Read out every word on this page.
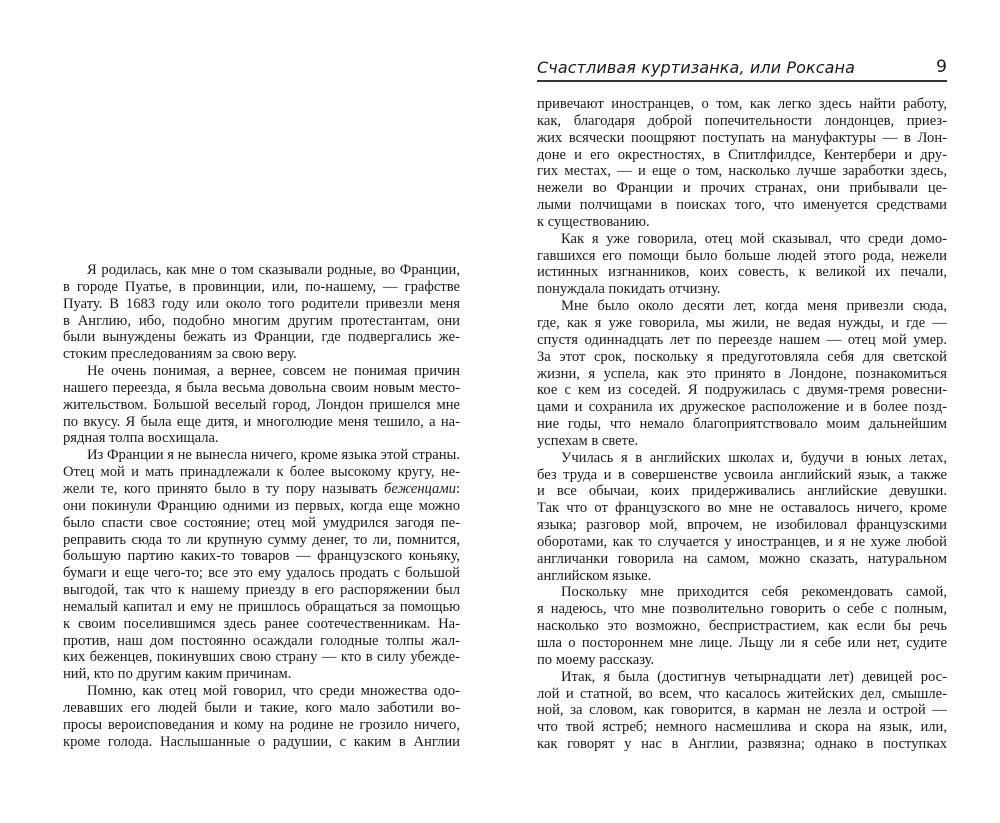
Счастливая куртизанка, или Роксана	9
Я родилась, как мне о том сказывали родные, во Франции,
в городе Пуатье, в провинции, или, по-нашему, — графстве
Пуату. В 1683 году или около того родители привезли меня
в Англию, ибо, подобно многим другим протестантам, они
были вынуждены бежать из Франции, где подвергались же-
стоким преследованиям за свою веру.
Не очень понимая, а вернее, совсем не понимая причин
нашего переезда, я была весьма довольна своим новым место-
жительством. Большой веселый город, Лондон пришелся мне
по вкусу. Я была еще дитя, и многолюдие меня тешило, а на-
рядная толпа восхищала.
Из Франции я не вынесла ничего, кроме языка этой страны.
Отец мой и мать принадлежали к более высокому кругу, не-
жели те, кого принято было в ту пору называть беженцами:
они покинули Францию одними из первых, когда еще можно
было спасти свое состояние; отец мой умудрился загодя пе-
реправить сюда то ли крупную сумму денег, то ли, помнится,
большую партию каких-то товаров — французского коньяку,
бумаги и еще чего-то; все это ему удалось продать с большой
выгодой, так что к нашему приезду в его распоряжении был
немалый капитал и ему не пришлось обращаться за помощью
к своим поселившимся здесь ранее соотечественникам. На-
против, наш дом постоянно осаждали голодные толпы жал-
ких беженцев, покинувших свою страну — кто в силу убежде-
ний, кто по другим каким причинам.
Помню, как отец мой говорил, что среди множества одо-
левавших его людей были и такие, кого мало заботили во-
просы вероисповедания и кому на родине не грозило ничего,
кроме голода. Наслышанные о радушии, с каким в Англии
привечают иностранцев, о том, как легко здесь найти работу,
как, благодаря доброй попечительности лондонцев, приез-
жих всячески поощряют поступать на мануфактуры — в Лон-
доне и его окрестностях, в Спитлфилдсе, Кентербери и дру-
гих местах, — и еще о том, насколько лучше заработки здесь,
нежели во Франции и прочих странах, они прибывали це-
лыми полчищами в поисках того, что именуется средствами
к существованию.
Как я уже говорила, отец мой сказывал, что среди домо-
гавшихся его помощи было больше людей этого рода, нежели
истинных изгнанников, коих совесть, к великой их печали,
понуждала покидать отчизну.
Мне было около десяти лет, когда меня привезли сюда,
где, как я уже говорила, мы жили, не ведая нужды, и где —
спустя одиннадцать лет по переезде нашем — отец мой умер.
За этот срок, поскольку я предуготовляла себя для светской
жизни, я успела, как это принято в Лондоне, познакомиться
кое с кем из соседей. Я подружилась с двумя-тремя ровесни-
цами и сохранила их дружеское расположение и в более позд-
ние годы, что немало благоприятствовало моим дальнейшим
успехам в свете.
Училась я в английских школах и, будучи в юных летах,
без труда и в совершенстве усвоила английский язык, а также
и все обычаи, коих придерживались английские девушки.
Так что от французского во мне не оставалось ничего, кроме
языка; разговор мой, впрочем, не изобиловал французскими
оборотами, как то случается у иностранцев, и я не хуже любой
англичанки говорила на самом, можно сказать, натуральном
английском языке.
Поскольку мне приходится себя рекомендовать самой,
я надеюсь, что мне позволительно говорить о себе с полным,
насколько это возможно, беспристрастием, как если бы речь
шла о постороннем мне лице. Льщу ли я себе или нет, судите
по моему рассказу.
Итак, я была (достигнув четырнадцати лет) девицей рос-
лой и статной, во всем, что касалось житейских дел, смышле-
ной, за словом, как говорится, в карман не лезла и острой —
что твой ястреб; немного насмешлива и скора на язык, или,
как говорят у нас в Англии, развязна; однако в поступках
